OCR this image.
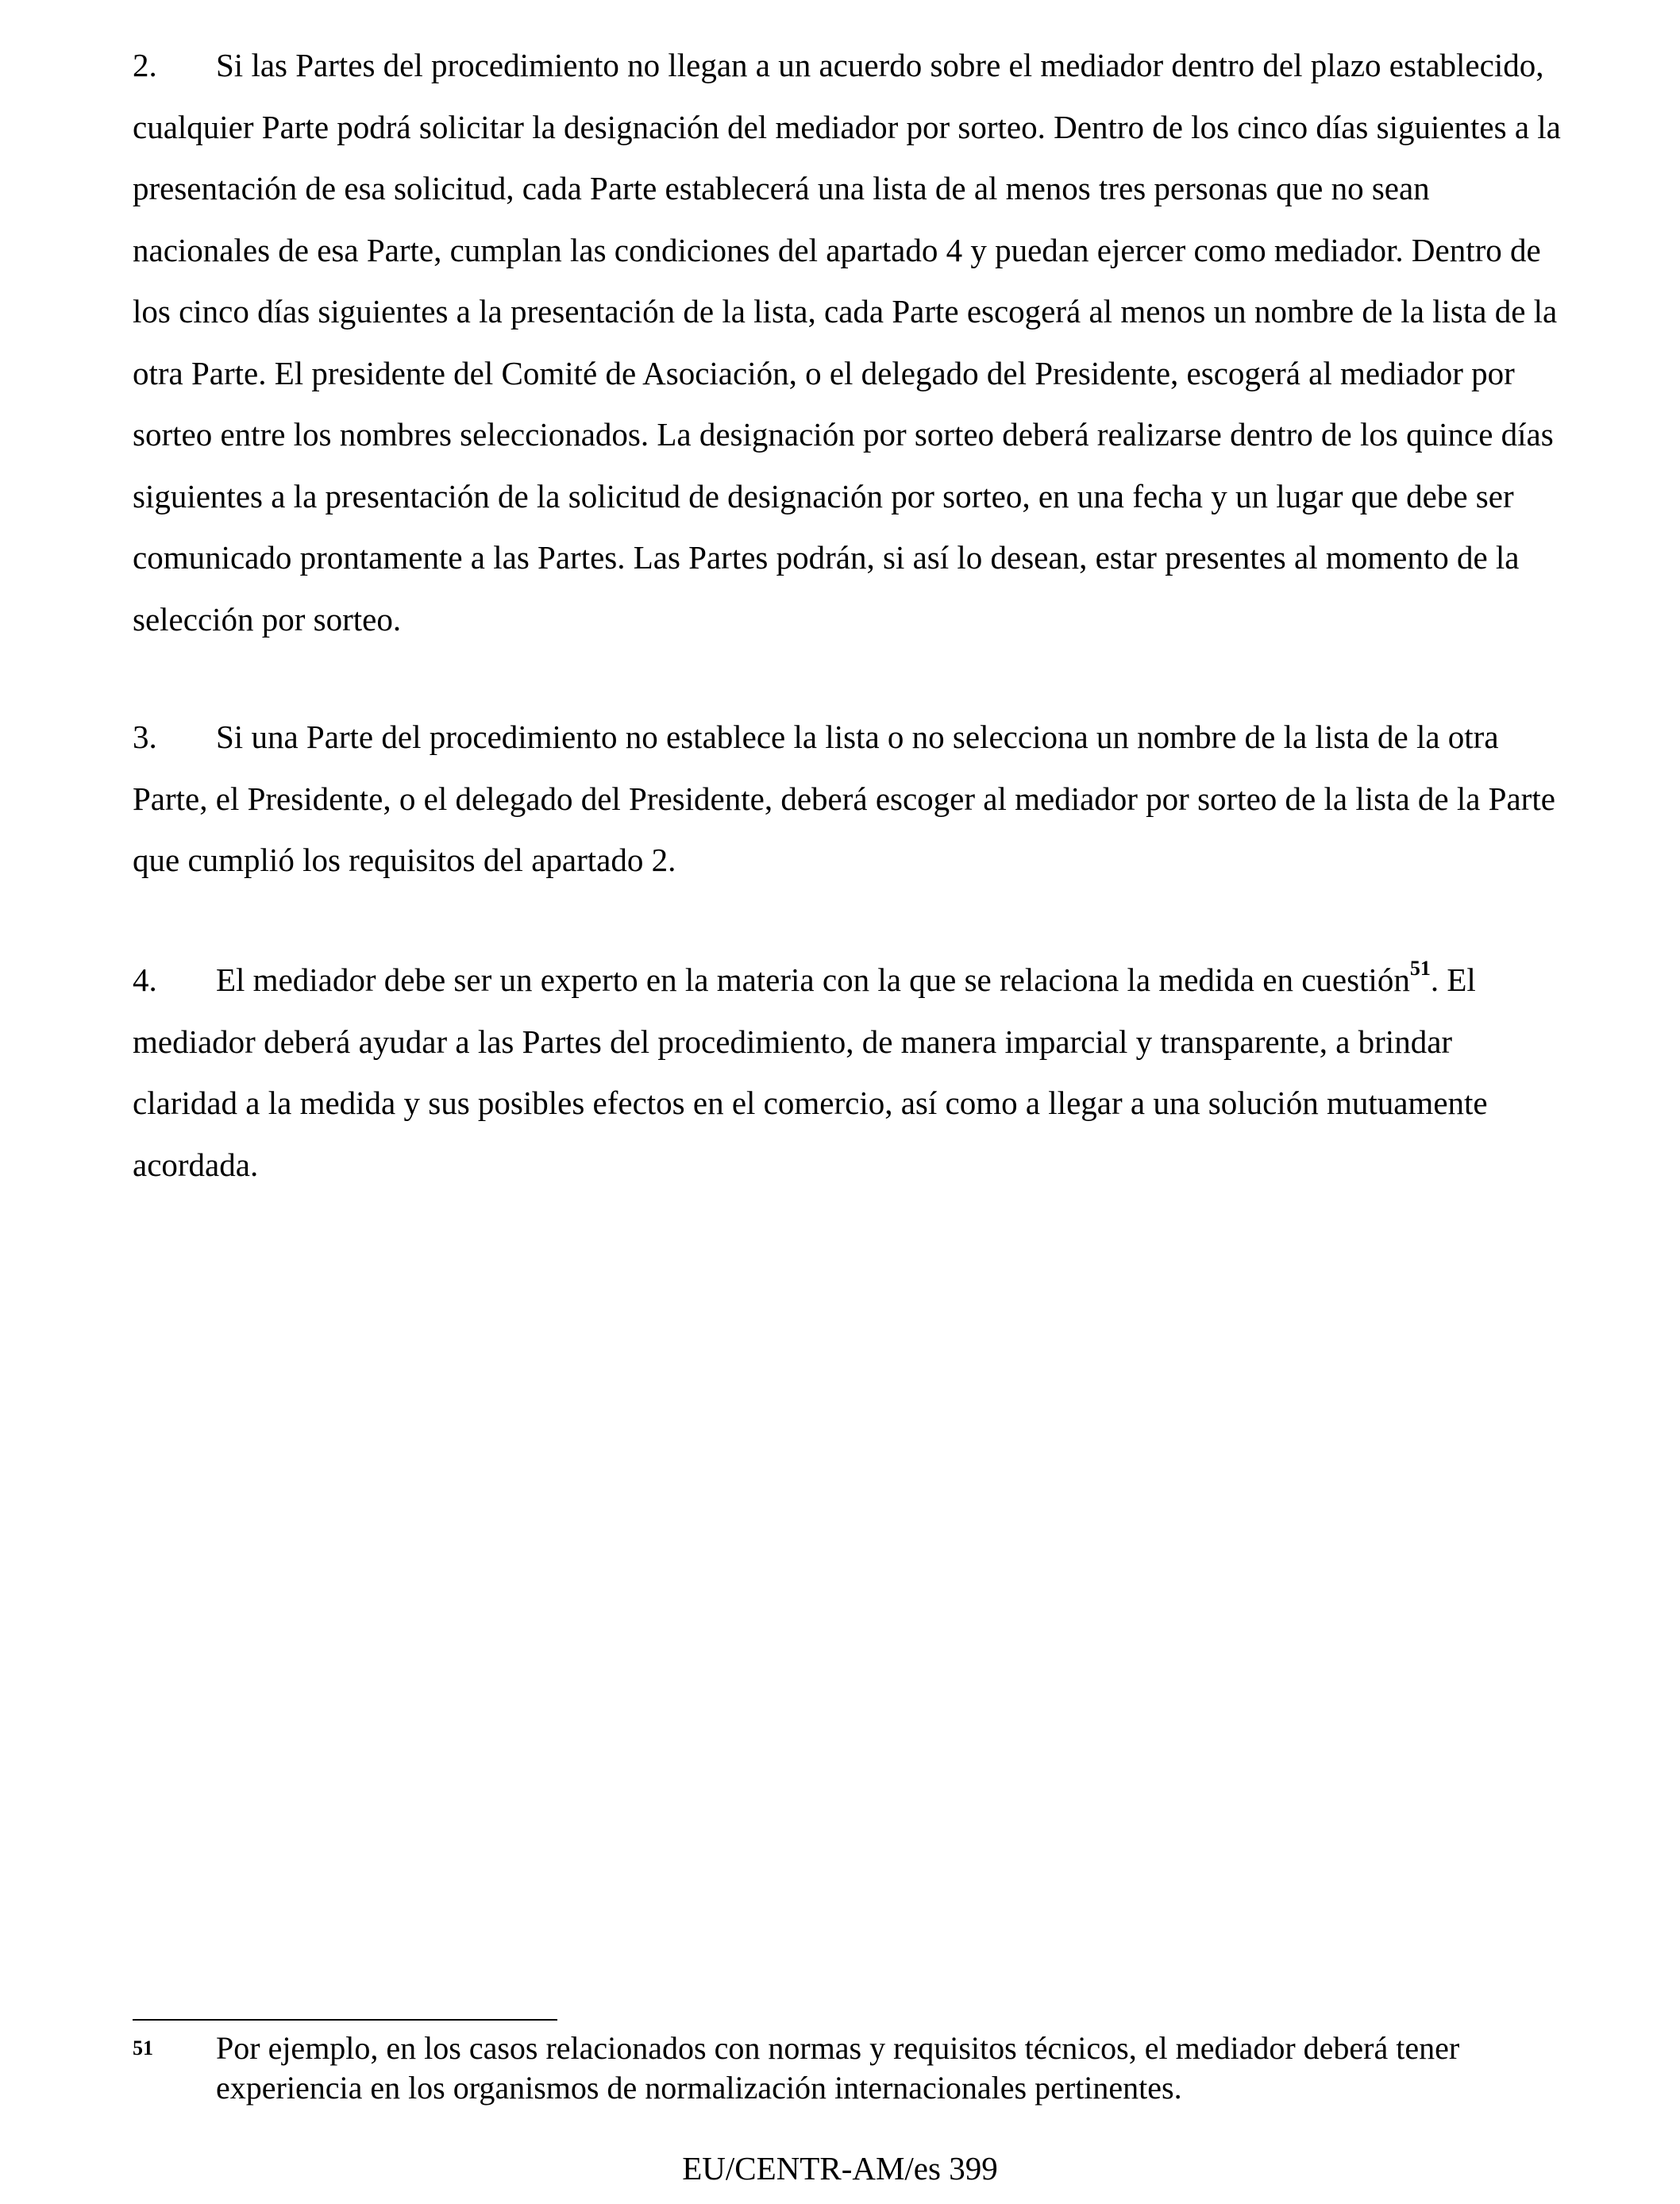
2. Si las Partes del procedimiento no llegan a un acuerdo sobre el mediador dentro del plazo establecido, cualquier Parte podrá solicitar la designación del mediador por sorteo. Dentro de los cinco días siguientes a la presentación de esa solicitud, cada Parte establecerá una lista de al menos tres personas que no sean nacionales de esa Parte, cumplan las condiciones del apartado 4 y puedan ejercer como mediador. Dentro de los cinco días siguientes a la presentación de la lista, cada Parte escogerá al menos un nombre de la lista de la otra Parte. El presidente del Comité de Asociación, o el delegado del Presidente, escogerá al mediador por sorteo entre los nombres seleccionados. La designación por sorteo deberá realizarse dentro de los quince días siguientes a la presentación de la solicitud de designación por sorteo, en una fecha y un lugar que debe ser comunicado prontamente a las Partes. Las Partes podrán, si así lo desean, estar presentes al momento de la selección por sorteo.

3. Si una Parte del procedimiento no establece la lista o no selecciona un nombre de la lista de la otra Parte, el Presidente, o el delegado del Presidente, deberá escoger al mediador por sorteo de la lista de la Parte que cumplió los requisitos del apartado 2.

4. El mediador debe ser un experto en la materia con la que se relaciona la medida en cuestión$^{51}$. El mediador deberá ayudar a las Partes del procedimiento, de manera imparcial y transparente, a brindar claridad a la medida y sus posibles efectos en el comercio, así como a llegar a una solución mutuamente acordada.

51 Por ejemplo, en los casos relacionados con normas y requisitos técnicos, el mediador deberá tener experiencia en los organismos de normalización internacionales pertinentes.
EU/CENTR-AM/es 399
